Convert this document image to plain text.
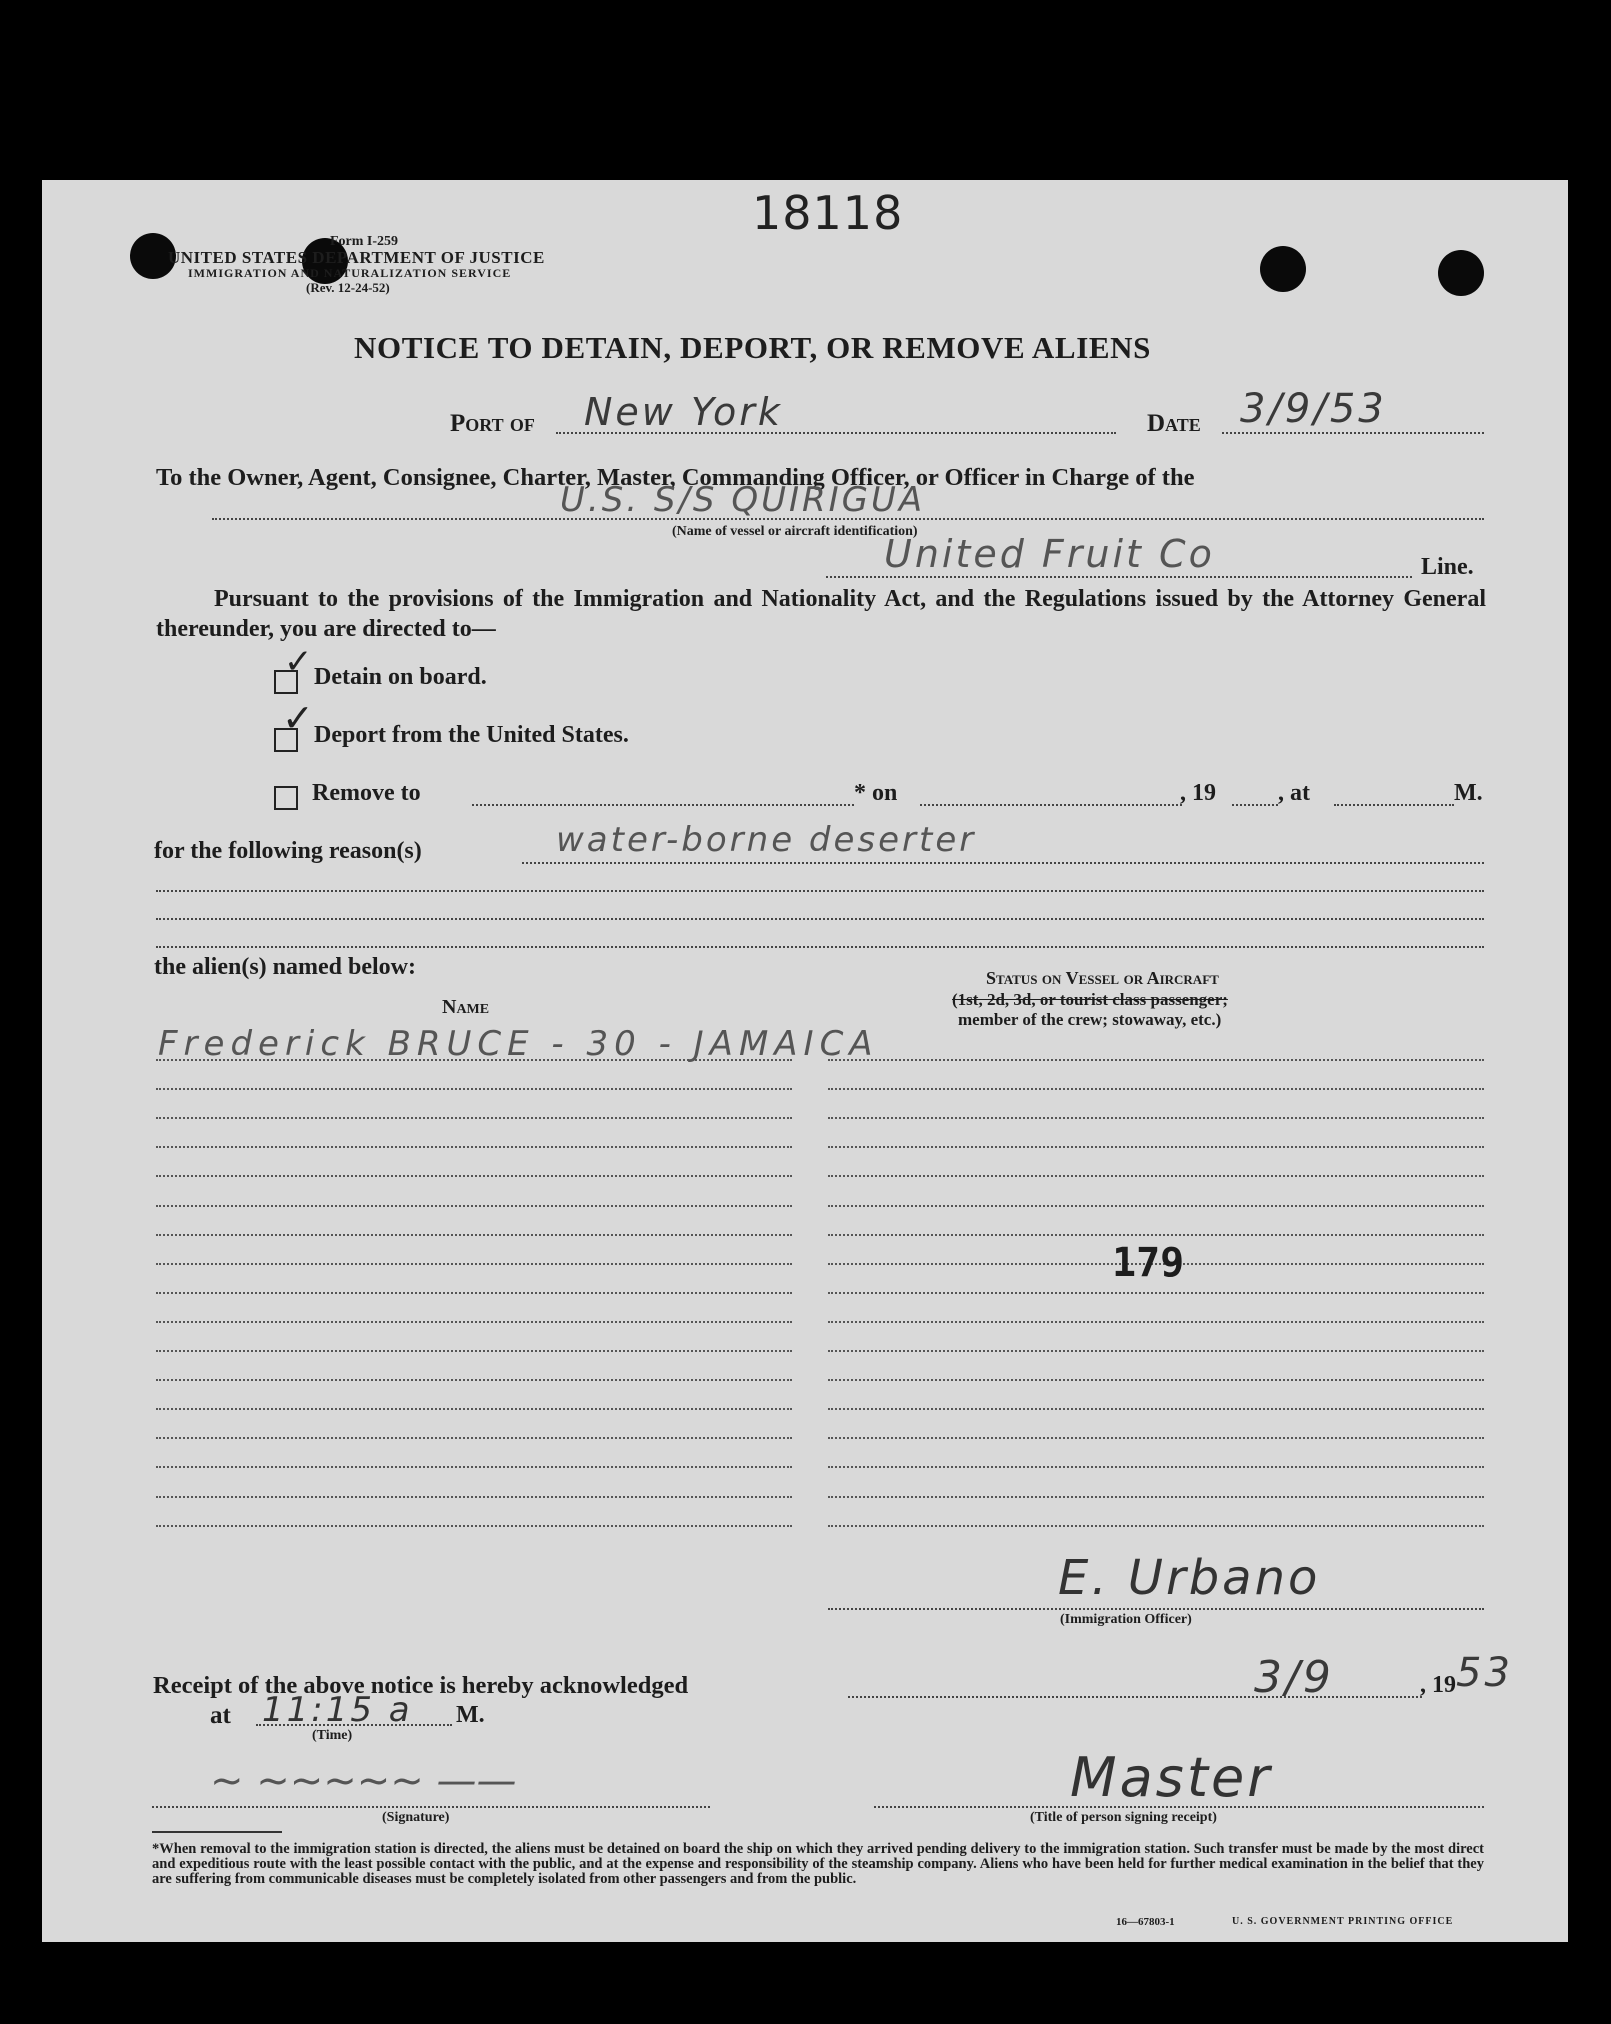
18118
Form I-259
UNITED STATES DEPARTMENT OF JUSTICE
IMMIGRATION AND NATURALIZATION SERVICE
(Rev. 12-24-52)
NOTICE TO DETAIN, DEPORT, OR REMOVE ALIENS
Port of New York	Date 3/9/53
To the Owner, Agent, Consignee, Charter, Master, Commanding Officer, or Officer in Charge of the
U.S. S/S QUIRIGUA
(Name of vessel or aircraft identification)
United Fruit Co	Line.
Pursuant to the provisions of the Immigration and Nationality Act, and the Regulations issued by the Attorney General thereunder, you are directed to—
✓
Detain on board.
✓
Deport from the United States.
Remove to	* on	, 19	, at	M.
for the following reason(s)	water-borne deserter
the alien(s) named below:
Name
Status on Vessel or Aircraft
(1st, 2d, 3d, or tourist class passenger;
member of the crew; stowaway, etc.)
Frederick BRUCE - 30 - JAMAICA
179
E. Urbano
(Immigration Officer)
Receipt of the above notice is hereby acknowledged	3/9	, 19 53
at 11:15 a M.
(Time)
~ ~~~~~ ——
(Signature)
Master
(Title of person signing receipt)
*When removal to the immigration station is directed, the aliens must be detained on board the ship on which they arrived pending delivery to the immigration station. Such transfer must be made by the most direct and expeditious route with the least possible contact with the public, and at the expense and responsibility of the steamship company. Aliens who have been held for further medical examination in the belief that they are suffering from communicable diseases must be completely isolated from other passengers and from the public.
16—67803-1	U. S. GOVERNMENT PRINTING OFFICE
